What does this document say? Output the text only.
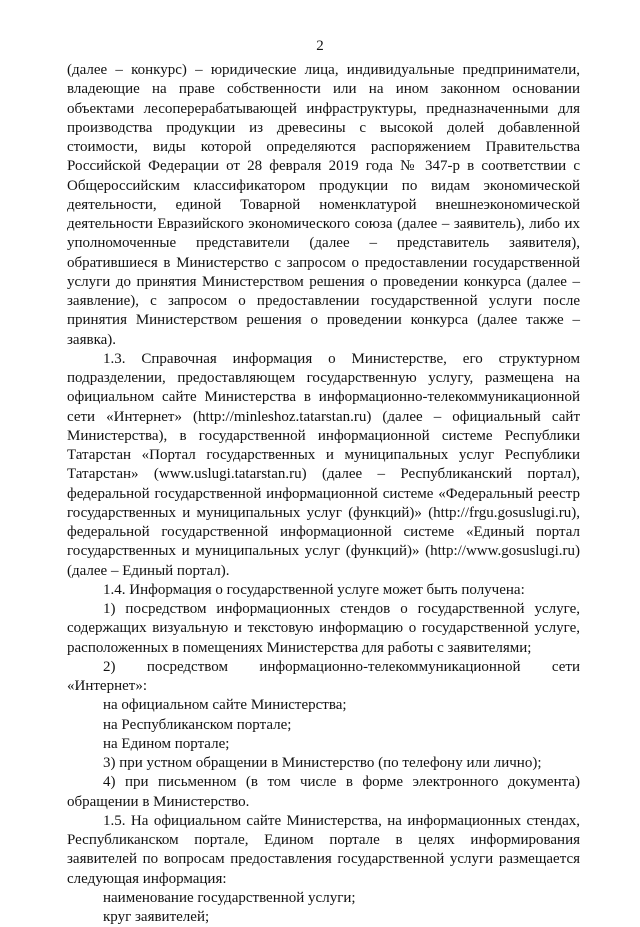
2

(далее – конкурс) – юридические лица, индивидуальные предприниматели, владеющие на праве собственности или на ином законном основании объектами лесоперерабатывающей инфраструктуры, предназначенными для производства продукции из древесины с высокой долей добавленной стоимости, виды которой определяются распоряжением Правительства Российской Федерации от 28 февраля 2019 года № 347-р в соответствии с Общероссийским классификатором продукции по видам экономической деятельности, единой Товарной номенклатурой внешнеэкономической деятельности Евразийского экономического союза (далее – заявитель), либо их уполномоченные представители (далее – представитель заявителя), обратившиеся в Министерство с запросом о предоставлении государственной услуги до принятия Министерством решения о проведении конкурса (далее – заявление), с запросом о предоставлении государственной услуги после принятия Министерством решения о проведении конкурса (далее также – заявка).

1.3. Справочная информация о Министерстве, его структурном подразделении, предоставляющем государственную услугу, размещена на официальном сайте Министерства в информационно-телекоммуникационной сети «Интернет» (http://minleshoz.tatarstan.ru) (далее – официальный сайт Министерства), в государственной информационной системе Республики Татарстан «Портал государственных и муниципальных услуг Республики Татарстан» (www.uslugi.tatarstan.ru) (далее – Республиканский портал), федеральной государственной информационной системе «Федеральный реестр государственных и муниципальных услуг (функций)» (http://frgu.gosuslugi.ru), федеральной государственной информационной системе «Единый портал государственных и муниципальных услуг (функций)» (http://www.gosuslugi.ru) (далее – Единый портал).

1.4. Информация о государственной услуге может быть получена:

1) посредством информационных стендов о государственной услуге, содержащих визуальную и текстовую информацию о государственной услуге, расположенных в помещениях Министерства для работы с заявителями;

2) посредством информационно-телекоммуникационной сети «Интернет»:

на официальном сайте Министерства;

на Республиканском портале;

на Едином портале;

3) при устном обращении в Министерство (по телефону или лично);

4) при письменном (в том числе в форме электронного документа) обращении в Министерство.

1.5. На официальном сайте Министерства, на информационных стендах, Республиканском портале, Едином портале в целях информирования заявителей по вопросам предоставления государственной услуги размещается следующая информация:

наименование государственной услуги;

круг заявителей;
